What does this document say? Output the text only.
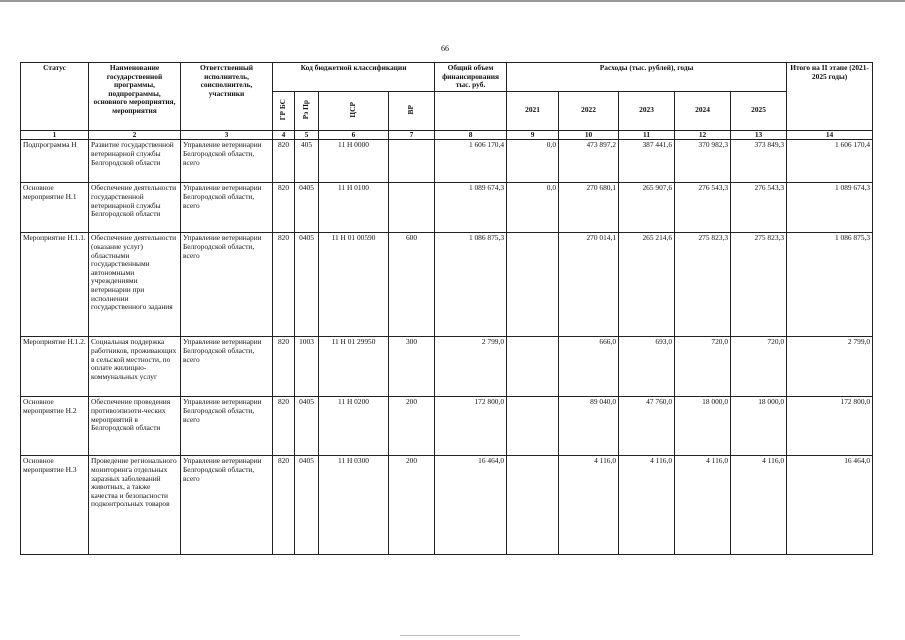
66
Статус	Наименование государственной программы, подпрограммы, основного мероприятия, мероприятия	Ответственный исполнитель, соисполнитель, участники	Код бюджетной классификации				Общий объем финансирования тыс. руб.	Расходы (тыс. рублей), годы					Итого на II этапе (2021-2025 годы)
			ГР БС	Рз Пр	ЦСР	ВР		2021	2022	2023	2024	2025	
1	2	3	4	5	6	7	8	9	10	11	12	13	14
Подпрограмма Н	Развитие государственной ветеринарной службы Белгородской области	Управление ветеринарии Белгородской области, всего	820	405	11 Н 0000		1 606 170,4	0,0	473 897,2	387 441,6	370 982,3	373 849,3	1 606 170,4
Основное мероприятие Н.1	Обеспечение деятельности государственной ветеринарной службы Белгородской области	Управление ветеринарии Белгородской области, всего	820	0405	11 Н 0100		1 089 674,3	0,0	270 680,1	265 907,6	276 543,3	276 543,3	1 089 674,3
Мероприятие Н.1.1.	Обеспечение деятельности (оказание услуг) областными государственными автономными учреждениями ветеринарии при исполнении государственного задания	Управление ветеринарии Белгородской области, всего	820	0405	11 Н 01 00590	600	1 086 875,3		270 014,1	265 214,6	275 823,3	275 823,3	1 086 875,3
Мероприятие Н.1.2.	Социальная поддержка работников, проживающих в сельской местности, по оплате жилищно-коммунальных услуг	Управление ветеринарии Белгородской области, всего	820	1003	11 Н 01 29950	300	2 799,0		666,0	693,0	720,0	720,0	2 799,0
Основное мероприятие Н.2	Обеспечение проведения противоэпизоти-ческих мероприятий в Белгородской области	Управление ветеринарии Белгородской области, всего	820	0405	11 Н 0200	200	172 800,0		89 040,0	47 760,0	18 000,0	18 000,0	172 800,0
Основное мероприятие Н.3	Проведение регионального мониторинга отдельных заразных заболеваний животных, а также качества и безопасности подконтрольных товаров	Управление ветеринарии Белгородской области, всего	820	0405	11 Н 0300	200	16 464,0		4 116,0	4 116,0	4 116,0	4 116,0	16 464,0
